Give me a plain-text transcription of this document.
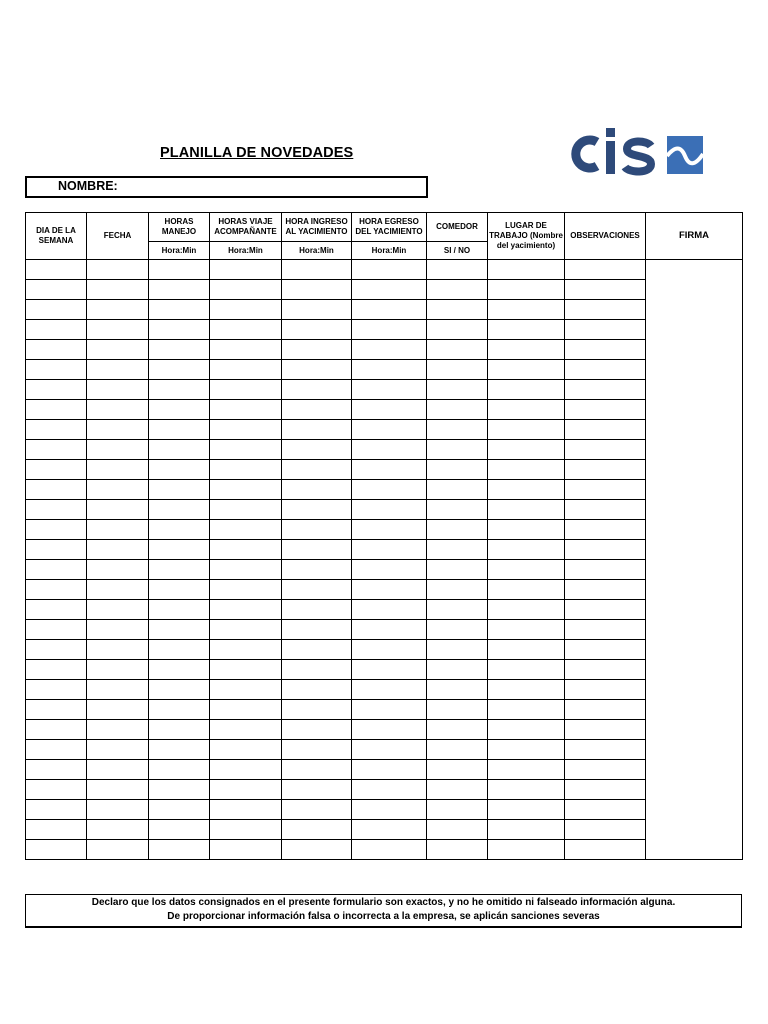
PLANILLA DE NOVEDADES
NOMBRE:
DIA DE LA SEMANA	FECHA	HORAS MANEJO	HORAS VIAJE ACOMPAÑANTE	HORA INGRESO AL YACIMIENTO	HORA EGRESO DEL YACIMIENTO	COMEDOR	LUGAR DE TRABAJO (Nombre del yacimiento)	OBSERVACIONES	FIRMA
		Hora:Min	Hora:Min	Hora:Min	Hora:Min	SI / NO			

Declaro que los datos consignados en el presente formulario son exactos, y no he omitido ni falseado información alguna.
De proporcionar información falsa o incorrecta a la empresa, se aplicán sanciones severas
